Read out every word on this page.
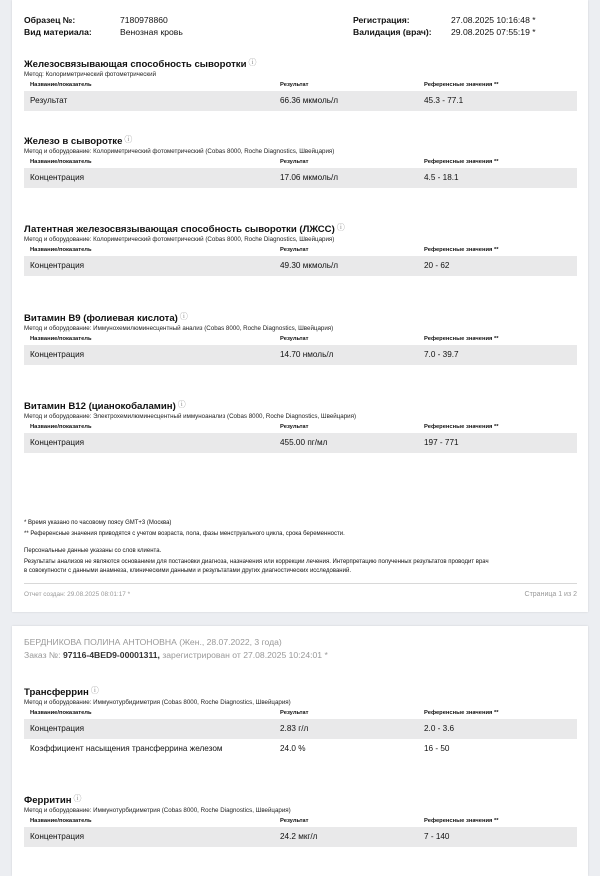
Образец №:	7180978860
Вид материала:	Венозная кровь
Регистрация:	27.08.2025 10:16:48 *
Валидация (врач): 29.08.2025 07:55:19 *
Железосвязывающая способность сыворотки ⓘ
Метод: Колориметрический фотометрический
Название/показатель	Результат	Референсные значения **
Результат	66.36 мкмоль/л	45.3 - 77.1
Железо в сыворотке ⓘ
Метод и оборудование: Колориметрический фотометрический (Cobas 8000, Roche Diagnostics, Швейцария)
Название/показатель	Результат	Референсные значения **
Концентрация	17.06 мкмоль/л	4.5 - 18.1
Латентная железосвязывающая способность сыворотки (ЛЖСС) ⓘ
Метод и оборудование: Колориметрический фотометрический (Cobas 8000, Roche Diagnostics, Швейцария)
Название/показатель	Результат	Референсные значения **
Концентрация	49.30 мкмоль/л	20 - 62
Витамин В9 (фолиевая кислота) ⓘ
Метод и оборудование: Иммунохемилюминесцентный анализ (Cobas 8000, Roche Diagnostics, Швейцария)
Название/показатель	Результат	Референсные значения **
Концентрация	14.70 нмоль/л	7.0 - 39.7
Витамин В12 (цианокобаламин) ⓘ
Метод и оборудование: Электрохемилюминесцентный иммуноанализ (Cobas 8000, Roche Diagnostics, Швейцария)
Название/показатель	Результат	Референсные значения **
Концентрация	455.00 пг/мл	197 - 771
* Время указано по часовому поясу GMT+3 (Москва)
** Референсные значения приводятся с учетом возраста, пола, фазы менструального цикла, срока беременности.
Персональные данные указаны со слов клиента.
Результаты анализов не являются основанием для постановки диагноза, назначения или коррекции лечения. Интерпретацию полученных результатов проводит врач
в совокупности с данными анамнеза, клиническими данными и результатами других диагностических исследований.
Отчет создан: 29.08.2025 08:01:17 *	Страница 1 из 2
БЕРДНИКОВА ПОЛИНА АНТОНОВНА (Жен., 28.07.2022, 3 года)
Заказ №: 97116-4BED9-00001311, зарегистрирован от 27.08.2025 10:24:01 *
Трансферрин ⓘ
Метод и оборудование: Иммунотурбидиметрия (Cobas 8000, Roche Diagnostics, Швейцария)
Название/показатель	Результат	Референсные значения **
Концентрация	2.83 г/л	2.0 - 3.6
Коэффициент насыщения трансферрина железом	24.0 %	16 - 50
Ферритин ⓘ
Метод и оборудование: Иммунотурбидиметрия (Cobas 8000, Roche Diagnostics, Швейцария)
Название/показатель	Результат	Референсные значения **
Концентрация	24.2 мкг/л	7 - 140
